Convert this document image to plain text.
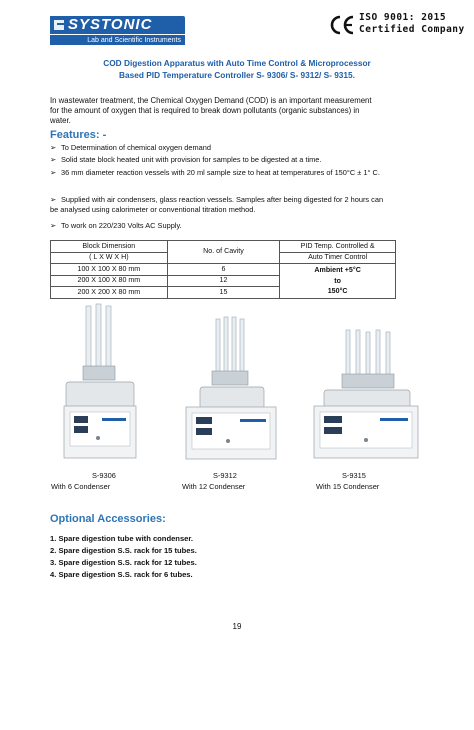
SYSTONIC
Lab and Scientific Instruments
ISO 9001: 2015
Certified Company
COD Digestion Apparatus with Auto Time Control & Microprocessor
Based PID Temperature Controller S- 9306/ S- 9312/ S- 9315.
In wastewater treatment, the Chemical Oxygen Demand (COD) is an important measurement for the amount of oxygen that is required to break down pollutants (organic substances) in water.
Features: -
➢ To Determination of chemical oxygen demand
➢ Solid state block heated unit with provision for samples to be digested at a time.
➢ 36 mm diameter reaction vessels with 20 ml sample size to heat at temperatures of 150°C ± 1° C.
➢ Supplied with air condensers, glass reaction vessels. Samples after being digested for 2 hours can be analysed using calorimeter or conventional titration method.
➢ To work on 220/230 Volts AC Supply.
Block Dimension	No. of Cavity	PID Temp. Controlled &
( L X W X H)		Auto Timer Control
100 X 100 X 80 mm	6	Ambient +5°C
to
150°C

200 X 100 X 80 mm	12	
200 X 200 X 80 mm	15	
S-9306
With 6 Condenser
S-9312
With 12 Condenser
S-9315
With 15 Condenser
Optional Accessories:
1. Spare digestion tube with condenser.
2. Spare digestion S.S. rack for 15 tubes.
3. Spare digestion S.S. rack for 12 tubes.
4. Spare digestion S.S. rack for 6 tubes.
19
